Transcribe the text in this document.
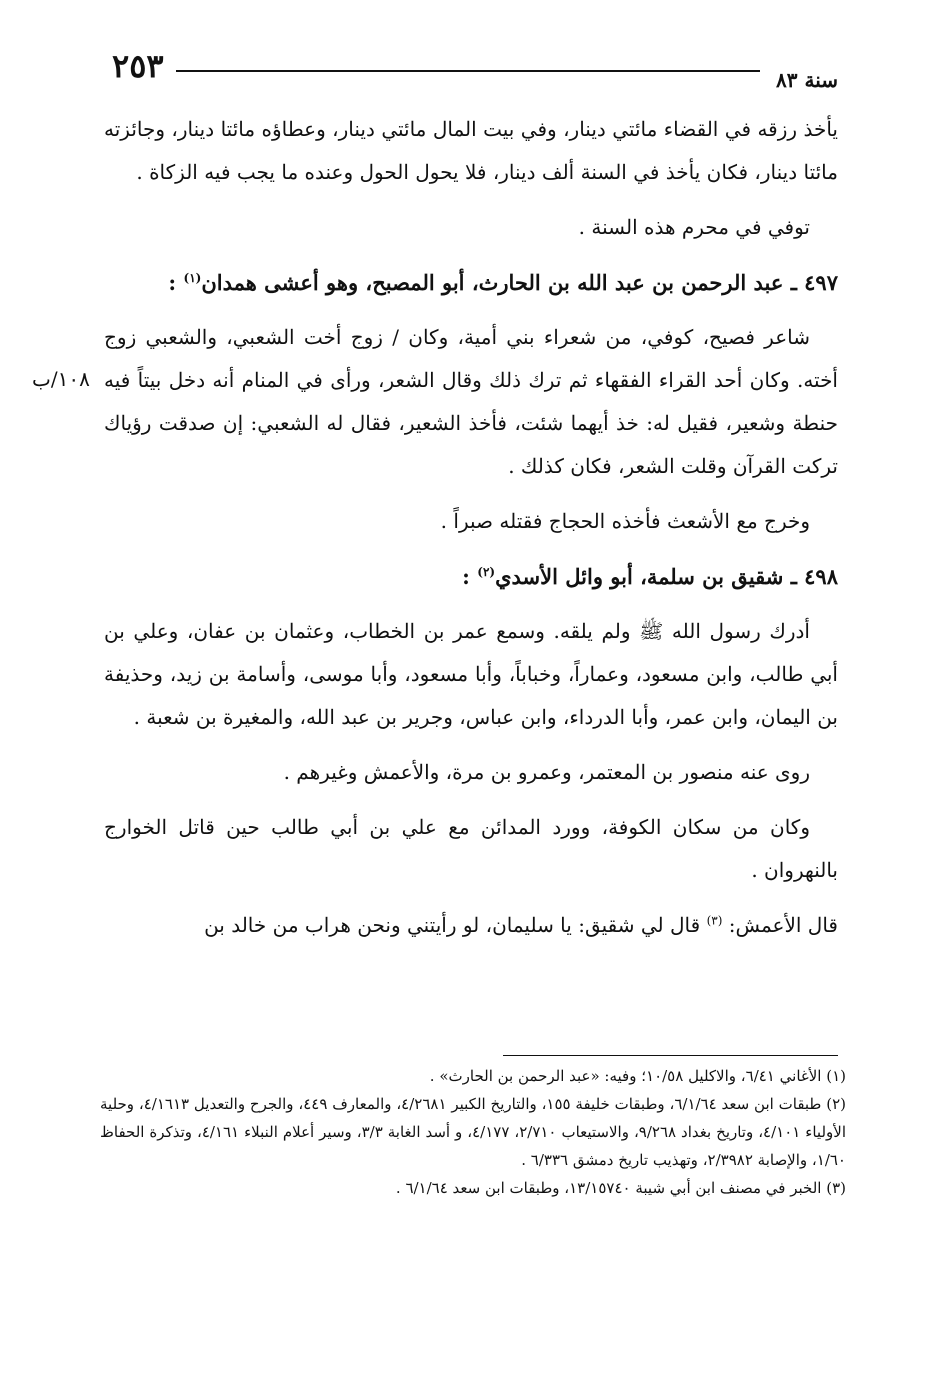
٢٥٣	سنة ٨٣
١٠٨/ب

يأخذ رزقه في القضاء مائتي دينار، وفي بيت المال مائتي دينار، وعطاؤه مائتا دينار، وجائزته مائتا دينار، فكان يأخذ في السنة ألف دينار، فلا يحول الحول وعنده ما يجب فيه الزكاة .

توفي في محرم هذه السنة .

٤٩٧ ـ عبد الرحمن بن عبد الله بن الحارث، أبو المصبح، وهو أعشى همدان$^{(١)}$ :

شاعر فصيح، كوفي، من شعراء بني أمية، وكان / زوج أخت الشعبي، والشعبي زوج أخته. وكان أحد القراء الفقهاء ثم ترك ذلك وقال الشعر، ورأى في المنام أنه دخل بيتاً فيه حنطة وشعير، فقيل له: خذ أيهما شئت، فأخذ الشعير، فقال له الشعبي: إن صدقت رؤياك تركت القرآن وقلت الشعر، فكان كذلك .

وخرج مع الأشعث فأخذه الحجاج فقتله صبراً .

٤٩٨ ـ شقيق بن سلمة، أبو وائل الأسدي$^{(٢)}$ :

أدرك رسول الله ﷺ ولم يلقه. وسمع عمر بن الخطاب، وعثمان بن عفان، وعلي بن أبي طالب، وابن مسعود، وعماراً، وخباباً، وأبا مسعود، وأبا موسى، وأسامة بن زيد، وحذيفة بن اليمان، وابن عمر، وأبا الدرداء، وابن عباس، وجرير بن عبد الله، والمغيرة بن شعبة .

روى عنه منصور بن المعتمر، وعمرو بن مرة، والأعمش وغيرهم .

وكان من سكان الكوفة، وورد المدائن مع علي بن أبي طالب حين قاتل الخوارج بالنهروان .

قال الأعمش: $^{(٣)}$ قال لي شقيق: يا سليمان، لو رأيتني ونحن هراب من خالد بن

(١) الأغاني ٦/٤١، والاكليل ١٠/٥٨؛ وفيه: «عبد الرحمن بن الحارث» .

(٢) طبقات ابن سعد ٦/١/٦٤، وطبقات خليفة ١٥٥، والتاريخ الكبير ٤/٢٦٨١، والمعارف ٤٤٩، والجرح والتعديل ٤/١٦١٣، وحلية الأولياء ٤/١٠١، وتاريخ بغداد ٩/٢٦٨، والاستيعاب ٢/٧١٠، ٤/١٧٧، و أسد الغابة ٣/٣، وسير أعلام النبلاء ٤/١٦١، وتذكرة الحفاظ ١/٦٠، والإصابة ٢/٣٩٨٢، وتهذيب تاريخ دمشق ٦/٣٣٦ .

(٣) الخبر في مصنف ابن أبي شيبة ١٣/١٥٧٤٠، وطبقات ابن سعد ٦/١/٦٤ .
